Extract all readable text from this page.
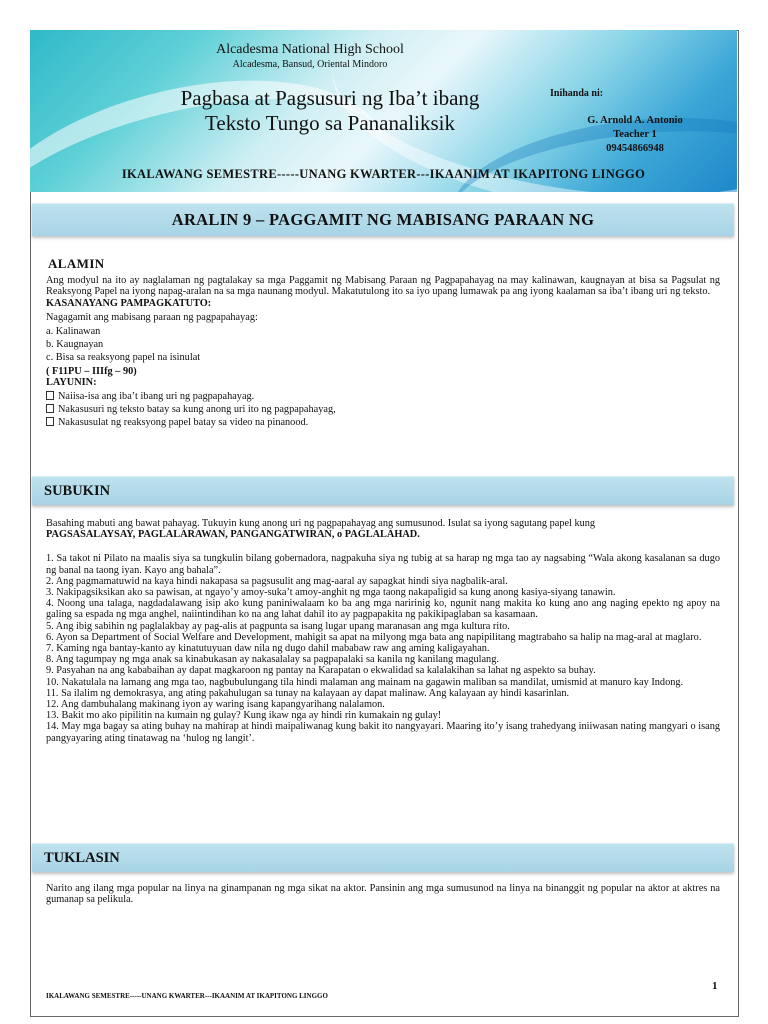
Alcadesma National High School
Alcadesma, Bansud, Oriental Mindoro
Pagbasa at Pagsusuri ng Iba’t ibang Teksto Tungo sa Pananaliksik
Inihanda ni:
G. Arnold A. Antonio
Teacher 1
09454866948
IKALAWANG SEMESTRE-----UNANG KWARTER---IKAANIM AT IKAPITONG LINGGO
ARALIN 9 – PAGGAMIT NG MABISANG PARAAN NG
ALAMIN

Ang modyul na ito ay naglalaman ng pagtalakay sa mga Paggamit ng Mabisang Paraan ng Pagpapahayag na may kalinawan, kaugnayan at bisa sa Pagsulat ng Reaksyong Papel na iyong napag-aralan na sa mga naunang modyul. Makatutulong ito sa iyo upang lumawak pa ang iyong kaalaman sa iba’t ibang uri ng teksto.

KASANAYANG PAMPAGKATUTO:

Nagagamit ang mabisang paraan ng pagpapahayag:

a. Kalinawan

b. Kaugnayan

c. Bisa sa reaksyong papel na isinulat

( F11PU – IIIfg – 90)

LAYUNIN:

Naiisa-isa ang iba’t ibang uri ng pagpapahayag.

Nakasusuri ng teksto batay sa kung anong uri ito ng pagpapahayag,

Nakasusulat ng reaksyong papel batay sa video na pinanood.

SUBUKIN

Basahing mabuti ang bawat pahayag. Tukuyin kung anong uri ng pagpapahayag ang sumusunod. Isulat sa iyong sagutang papel kung

PAGSASALAYSAY, PAGLALARAWAN, PANGANGATWIRAN, o PAGLALAHAD.

1. Sa takot ni Pilato na maalis siya sa tungkulin bilang gobernadora, nagpakuha siya ng tubig at sa harap ng mga tao ay nagsabing “Wala akong kasalanan sa dugo ng banal na taong iyan. Kayo ang bahala”.

2. Ang pagmamatuwid na kaya hindi nakapasa sa pagsusulit ang mag-aaral ay sapagkat hindi siya nagbalik-aral.

3. Nakipagsiksikan ako sa pawisan, at ngayo’y amoy-suka’t amoy-anghit ng mga taong nakapaligid sa kung anong kasiya-siyang tanawin.

4. Noong una talaga, nagdadalawang isip ako kung paniniwalaam ko ba ang mga naririnig ko, ngunit nang makita ko kung ano ang naging epekto ng apoy na galing sa espada ng mga anghel, naiintindihan ko na ang lahat dahil ito ay pagpapakita ng pakikipaglaban sa kasamaan.

5. Ang ibig sabihin ng paglalakbay ay pag-alis at pagpunta sa isang lugar upang maranasan ang mga kultura rito.

6. Ayon sa Department of Social Welfare and Development, mahigit sa apat na milyong mga bata ang napipilitang magtrabaho sa halip na mag-aral at maglaro.

7. Kaming nga bantay-kanto ay kinatutuyuan daw nila ng dugo dahil mababaw raw ang aming kaligayahan.

8. Ang tagumpay ng mga anak sa kinabukasan ay nakasalalay sa pagpapalaki sa kanila ng kanilang magulang.

9. Pasyahan na ang kababaihan ay dapat magkaroon ng pantay na Karapatan o ekwalidad sa kalalakihan sa lahat ng aspekto sa buhay.

10. Nakatulala na lamang ang mga tao, nagbubulungang tila hindi malaman ang mainam na gagawin maliban sa mandilat, umismid at manuro kay Indong.

11. Sa ilalim ng demokrasya, ang ating pakahulugan sa tunay na kalayaan ay dapat malinaw. Ang kalayaan ay hindi kasarinlan.

12. Ang dambuhalang makinang iyon ay waring isang kapangyarihang nalalamon.

13. Bakit mo ako pipilitin na kumain ng gulay? Kung ikaw nga ay hindi rin kumakain ng gulay!

14. May mga bagay sa ating buhay na mahirap at hindi maipaliwanag kung bakit ito nangyayari. Maaring ito’y isang trahedyang iniiwasan nating mangyari o isang pangyayaring ating tinatawag na ‘hulog ng langit’.

TUKLASIN

Narito ang ilang mga popular na linya na ginampanan ng mga sikat na aktor. Pansinin ang mga sumusunod na linya na binanggit ng popular na aktor at aktres na gumanap sa pelikula.

1
IKALAWANG SEMESTRE-----UNANG KWARTER---IKAANIM AT IKAPITONG LINGGO
